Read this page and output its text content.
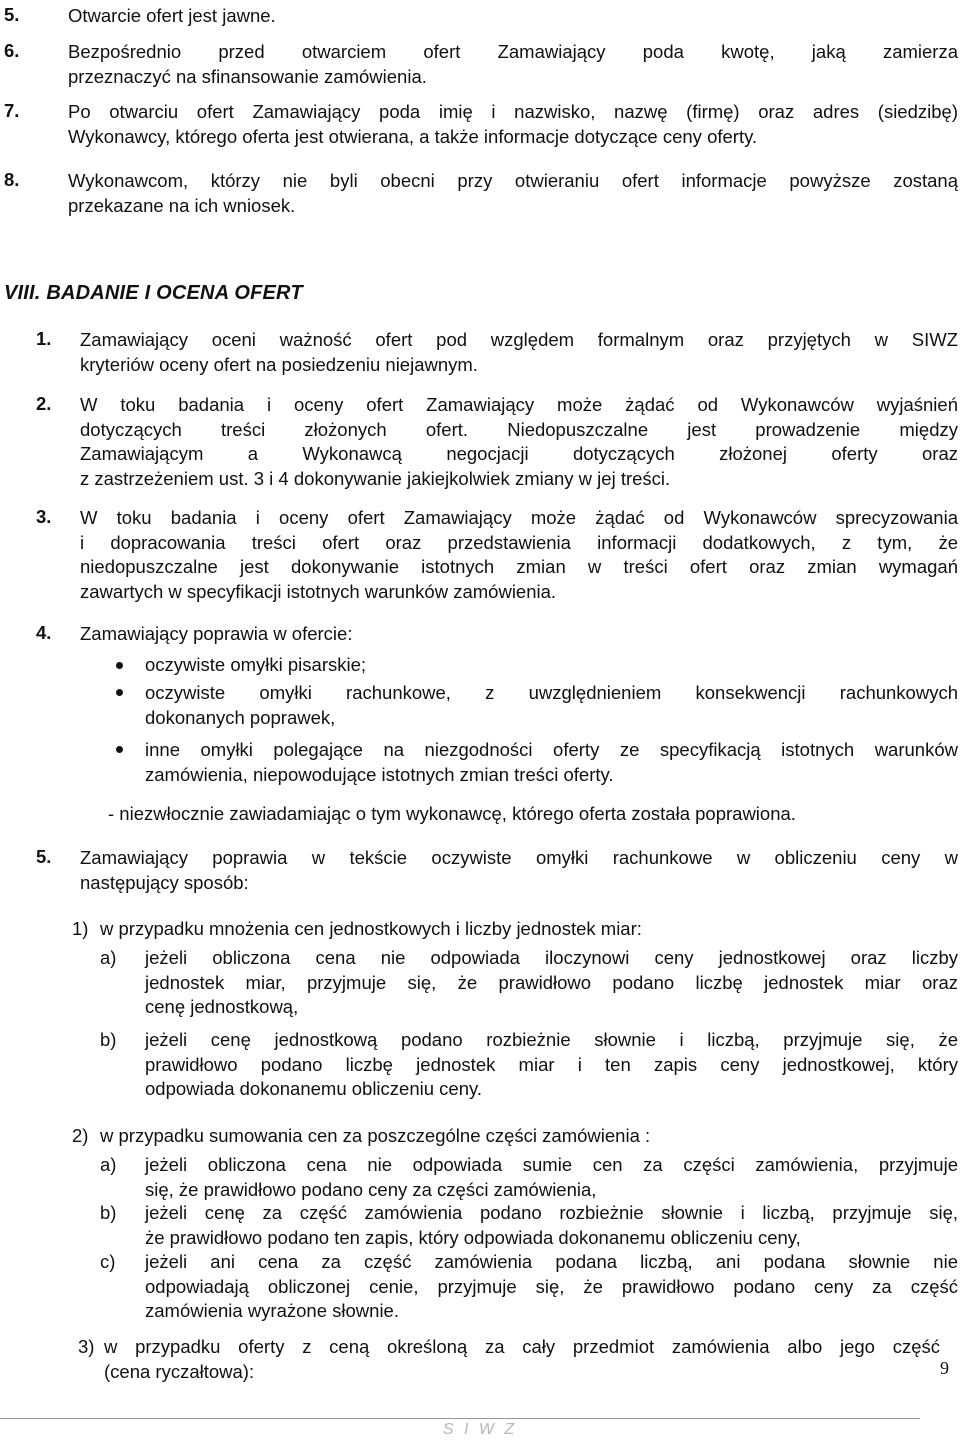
5.	Otwarcie ofert jest jawne.
6.	Bezpośrednio przed otwarciem ofert Zamawiający poda kwotę, jaką zamierza
przeznaczyć na sfinansowanie zamówienia.
7.	Po otwarciu ofert Zamawiający poda imię i nazwisko, nazwę (firmę) oraz adres (siedzibę)
Wykonawcy, którego oferta jest otwierana, a także informacje dotyczące ceny oferty.
8.	Wykonawcom, którzy nie byli obecni przy otwieraniu ofert informacje powyższe zostaną
przekazane na ich wniosek.
VIII. BADANIE I OCENA OFERT
1. Zamawiający oceni ważność ofert pod względem formalnym oraz przyjętych w SIWZ
kryteriów oceny ofert na posiedzeniu niejawnym.
2. W toku badania i oceny ofert Zamawiający może żądać od Wykonawców wyjaśnień
dotyczących treści złożonych ofert. Niedopuszczalne jest prowadzenie między
Zamawiającym a Wykonawcą negocjacji dotyczących złożonej oferty oraz
z zastrzeżeniem ust. 3 i 4 dokonywanie jakiejkolwiek zmiany w jej treści.
3. W toku badania i oceny ofert Zamawiający może żądać od Wykonawców sprecyzowania
i dopracowania treści ofert oraz przedstawienia informacji dodatkowych, z tym, że
niedopuszczalne jest dokonywanie istotnych zmian w treści ofert oraz zmian wymagań
zawartych w specyfikacji istotnych warunków zamówienia.
4. Zamawiający poprawia w ofercie:
oczywiste omyłki pisarskie;
oczywiste omyłki rachunkowe, z uwzględnieniem konsekwencji rachunkowych
dokonanych poprawek,
inne omyłki polegające na niezgodności oferty ze specyfikacją istotnych warunków
zamówienia, niepowodujące istotnych zmian treści oferty.
- niezwłocznie zawiadamiając o tym wykonawcę, którego oferta została poprawiona.
5. Zamawiający poprawia w tekście oczywiste omyłki rachunkowe w obliczeniu ceny w
następujący sposób:
1) w przypadku mnożenia cen jednostkowych i liczby jednostek miar:
a) jeżeli obliczona cena nie odpowiada iloczynowi ceny jednostkowej oraz liczby
jednostek miar, przyjmuje się, że prawidłowo podano liczbę jednostek miar oraz
cenę jednostkową,
b) jeżeli cenę jednostkową podano rozbieżnie słownie i liczbą, przyjmuje się, że
prawidłowo podano liczbę jednostek miar i ten zapis ceny jednostkowej, który
odpowiada dokonanemu obliczeniu ceny.
2) w przypadku sumowania cen za poszczególne części zamówienia :
a) jeżeli obliczona cena nie odpowiada sumie cen za części zamówienia, przyjmuje
się, że prawidłowo podano ceny za części zamówienia,
b) jeżeli cenę za część zamówienia podano rozbieżnie słownie i liczbą, przyjmuje się,
że prawidłowo podano ten zapis, który odpowiada dokonanemu obliczeniu ceny,
c) jeżeli ani cena za część zamówienia podana liczbą, ani podana słownie nie
odpowiadają obliczonej cenie, przyjmuje się, że prawidłowo podano ceny za część
zamówienia wyrażone słownie.
3) w przypadku oferty z ceną określoną za cały przedmiot zamówienia albo jego część
(cena ryczałtowa):
S I W Z
9
